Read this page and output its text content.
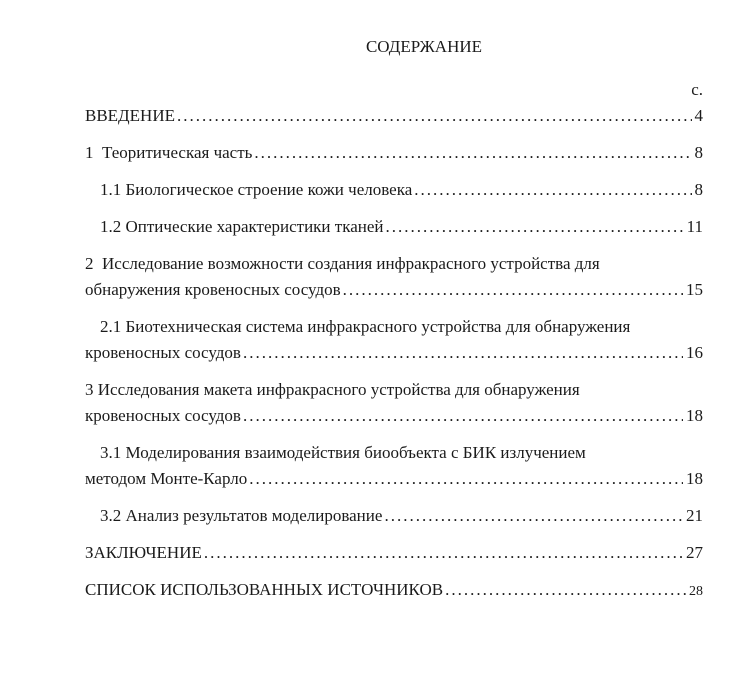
СОДЕРЖАНИЕ
с.
ВВЕДЕНИЕ .....	4
1  Теоритическая часть .....	8
1.1 Биологическое строение кожи человека .....	8
1.2 Оптические характеристики тканей .....	11
2  Исследование возможности создания инфракрасного устройства для
обнаружения кровеносных сосудов .....	15
2.1 Биотехническая система инфракрасного устройства для обнаружения
кровеносных сосудов .....	16
3 Исследования макета инфракрасного устройства для обнаружения
кровеносных сосудов .....	18
3.1 Моделирования взаимодействия биообъекта с БИК излучением
методом Монте-Карло .....	18
3.2 Анализ результатов моделирование .....	21
ЗАКЛЮЧЕНИЕ .....	27
СПИСОК ИСПОЛЬЗОВАННЫХ ИСТОЧНИКОВ .....	28
